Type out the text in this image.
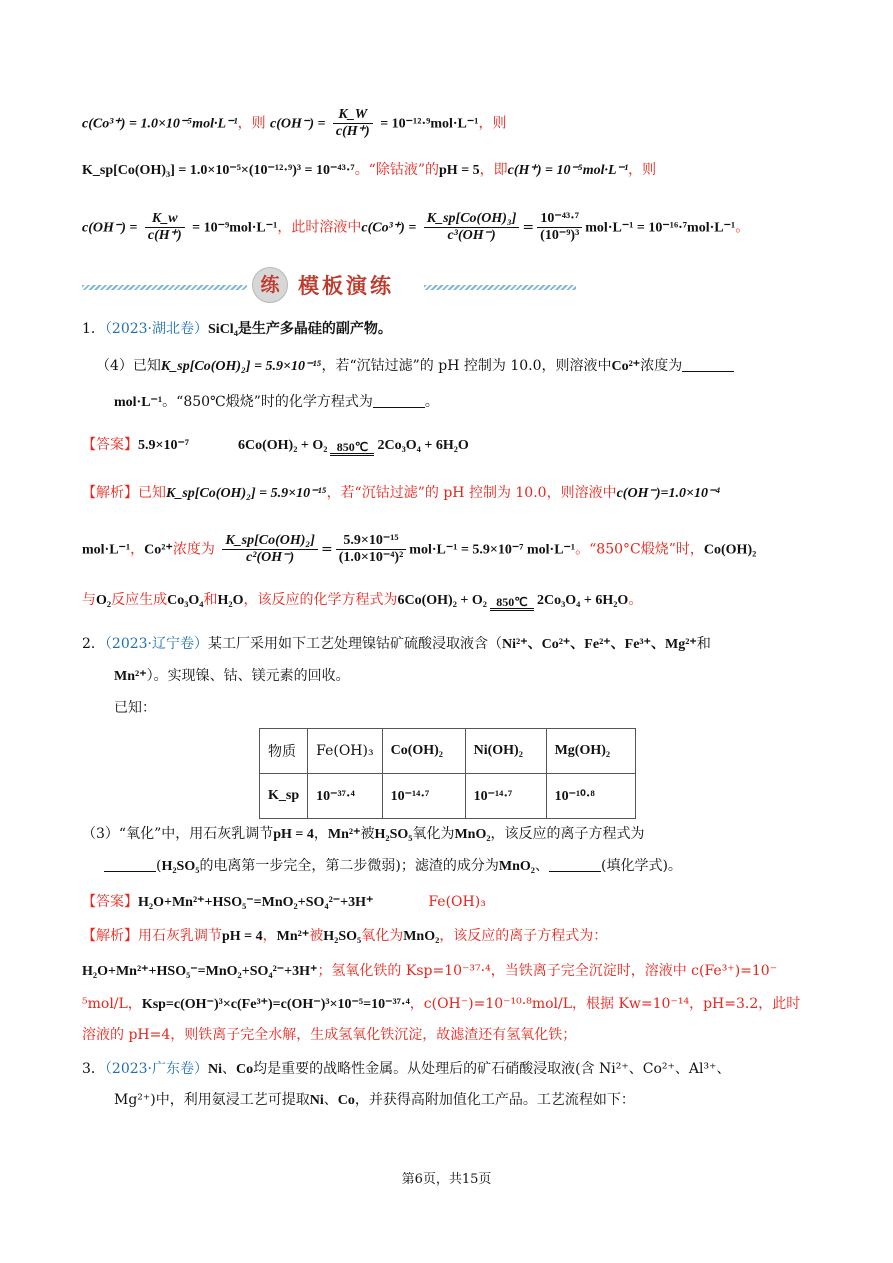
c(Co³⁺) = 1.0×10⁻⁵mol·L⁻¹，则 $c(OH^-) = \frac{K\_W}{c(H^+)} = 10^{-12}\cdot^9mol\cdot L^{-1}$，则
K_sp[Co(OH)₃] = 1.0×10⁻⁵×(10⁻¹²·⁹)³ = 10⁻⁴³·⁷。“除钴液”的pH = 5，即c(H⁺) = 10⁻⁵mol·L⁻¹，则
$c(OH^-) = \frac{K\_w}{c(H^+)} = 10^{-9}mol\cdot L^{-1}$，此时溶液中$c(Co^{3+}) = \frac{\text{K\_sp[Co(OH)₃]}}{\text{c³(OH⁻)}} = \frac{\text{10⁻⁴³·⁷}}{\text{(10⁻⁹)³}} mol\cdot L^{-1} = 10^{-16}\cdot^7mol\cdot L^{-1}$。
练 模板演练
1．（2023·湖北卷）SiCl₄是生产多晶硅的副产物。
（4）已知K_sp[Co(OH)₂] = 5.9×10⁻¹⁵，若“沉钴过滤”的 pH 控制为 10.0，则溶液中Co²⁺浓度为
mol·L⁻¹。“850℃煅烧”时的化学方程式为	。
【答案】5.9×10⁻⁷	6Co(OH)₂ + O₂ 850℃ 2Co₃O₄ + 6H₂O
【解析】已知K_sp[Co(OH)₂] = 5.9×10⁻¹⁵，若“沉钴过滤”的 pH 控制为 10.0，则溶液中c(OH⁻)=1.0×10⁻⁴
mol·L⁻¹，Co²⁺浓度为 $\frac{\text{K\_sp[Co(OH)₂]}}{\text{c²(OH⁻)}} = \frac{\text{5.9×10⁻¹⁵}}{\text{(1.0×10⁻⁴)²}} mol\cdot L^{-1} = 5.9\times 10^{-7}$ mol·L⁻¹。“850°C煅烧”时，Co(OH)₂
与O₂反应生成Co₃O₄和H₂O，该反应的化学方程式为6Co(OH)₂ + O₂ 850℃ 2Co₃O₄ + 6H₂O。
2．（2023·辽宁卷）某工厂采用如下工艺处理镍钴矿硫酸浸取液含（Ni²⁺、Co²⁺、Fe²⁺、Fe³⁺、Mg²⁺和
Mn²⁺）。实现镍、钴、镁元素的回收。
已知：
物质	Fe(OH)₃	Co(OH)₂	Ni(OH)₂	Mg(OH)₂
K_sp	10⁻³⁷·⁴	10⁻¹⁴·⁷	10⁻¹⁴·⁷	10⁻¹⁰·⁸
（3）“氧化”中，用石灰乳调节pH = 4，Mn²⁺被H₂SO₅氧化为MnO₂，该反应的离子方程式为
(H₂SO₅的电离第一步完全，第二步微弱)；滤渣的成分为MnO₂、	(填化学式)。
【答案】H₂O+Mn²⁺+HSO₅⁻=MnO₂+SO₄²⁻+3H⁺	Fe(OH)₃
【解析】用石灰乳调节pH = 4，Mn²⁺被H₂SO₅氧化为MnO₂，该反应的离子方程式为：
H₂O+Mn²⁺+HSO₅⁻=MnO₂+SO₄²⁻+3H⁺；氢氧化铁的 Ksp=10⁻³⁷·⁴，当铁离子完全沉淀时，溶液中 c(Fe³⁺)=10⁻
⁵mol/L，Ksp=c(OH⁻)³×c(Fe³⁺)=c(OH⁻)³×10⁻⁵=10⁻³⁷·⁴，c(OH⁻)=10⁻¹⁰·⁸mol/L，根据 Kw=10⁻¹⁴，pH=3.2，此时
溶液的 pH=4，则铁离子完全水解，生成氢氧化铁沉淀，故滤渣还有氢氧化铁；
3．（2023·广东卷）Ni、Co均是重要的战略性金属。从处理后的矿石硝酸浸取液(含 Ni²⁺、Co²⁺、Al³⁺、
Mg²⁺)中，利用氨浸工艺可提取Ni、Co，并获得高附加值化工产品。工艺流程如下：
第6页，共15页
